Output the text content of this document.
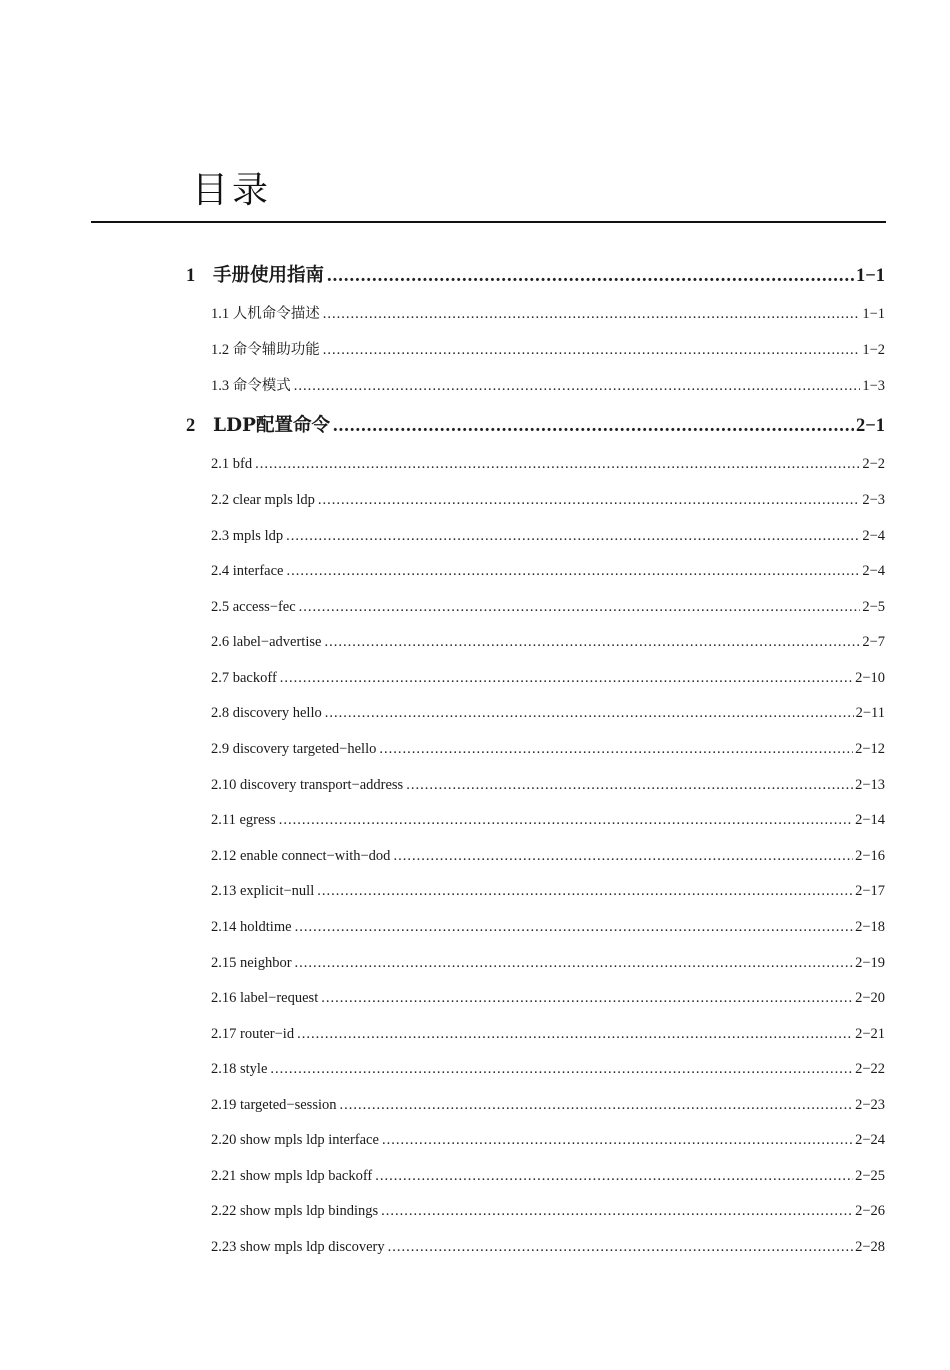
目录
1 手册使用指南 .....	1−1
1.1 人机命令描述 .....	1−1
1.2 命令辅助功能 .....	1−2
1.3 命令模式 .....	1−3
2 LDP配置命令 .....	2−1
2.1 bfd .....	2−2
2.2 clear mpls ldp .....	2−3
2.3 mpls ldp .....	2−4
2.4 interface .....	2−4
2.5 access−fec .....	2−5
2.6 label−advertise .....	2−7
2.7 backoff .....	2−10
2.8 discovery hello .....	2−11
2.9 discovery targeted−hello .....	2−12
2.10 discovery transport−address .....	2−13
2.11 egress .....	2−14
2.12 enable connect−with−dod .....	2−16
2.13 explicit−null .....	2−17
2.14 holdtime .....	2−18
2.15 neighbor .....	2−19
2.16 label−request .....	2−20
2.17 router−id .....	2−21
2.18 style .....	2−22
2.19 targeted−session .....	2−23
2.20 show mpls ldp interface .....	2−24
2.21 show mpls ldp backoff .....	2−25
2.22 show mpls ldp bindings .....	2−26
2.23 show mpls ldp discovery .....	2−28
